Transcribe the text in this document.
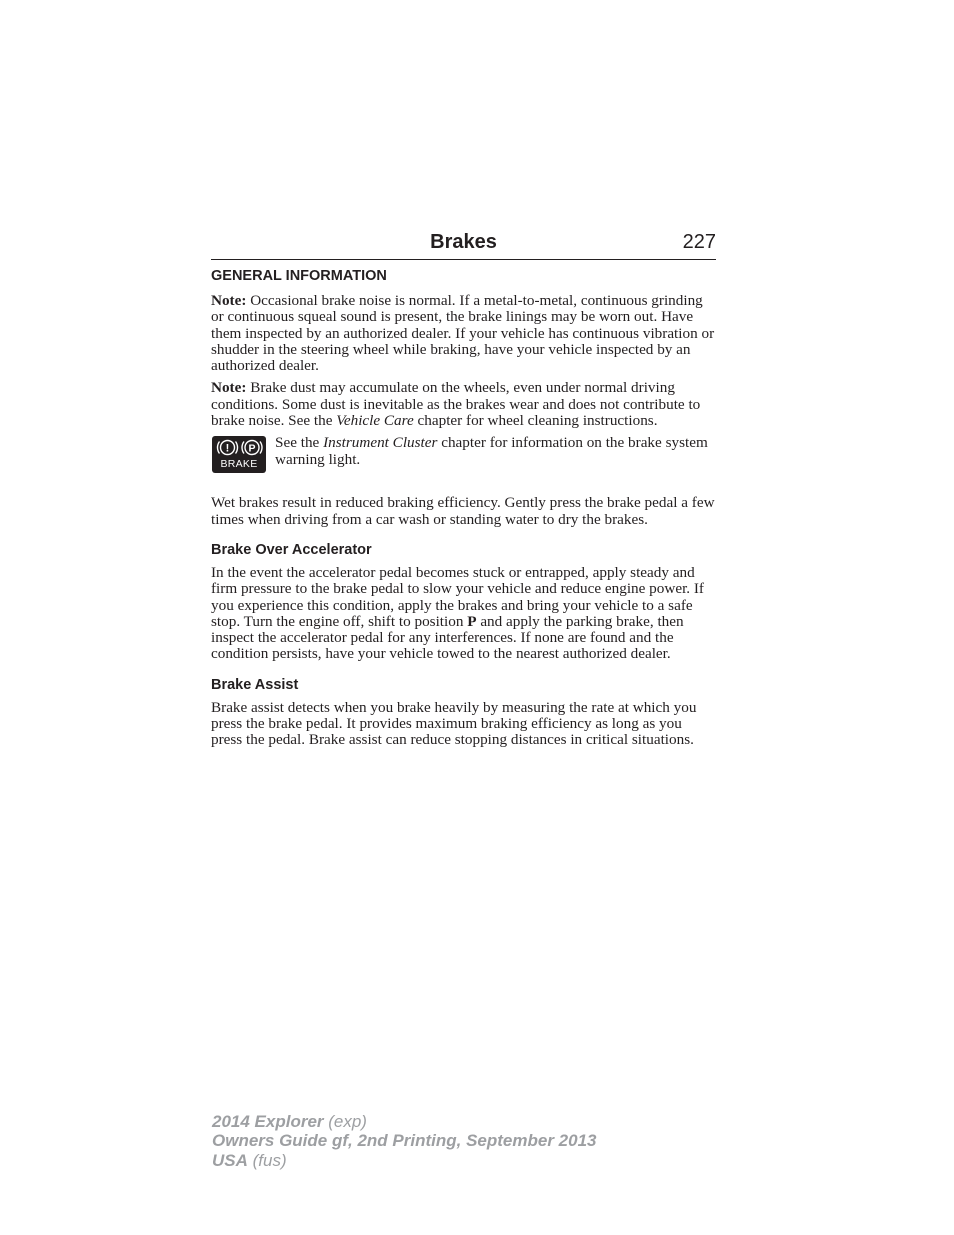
Brakes	227
GENERAL INFORMATION

Note: Occasional brake noise is normal. If a metal-to-metal, continuous grinding or continuous squeal sound is present, the brake linings may be worn out. Have them inspected by an authorized dealer. If your vehicle has continuous vibration or shudder in the steering wheel while braking, have your vehicle inspected by an authorized dealer.

Note: Brake dust may accumulate on the wheels, even under normal driving conditions. Some dust is inevitable as the brakes wear and does not contribute to brake noise. See the Vehicle Care chapter for wheel cleaning instructions.

! P
BRAKE
See the Instrument Cluster chapter for information on the brake system warning light.

Wet brakes result in reduced braking efficiency. Gently press the brake pedal a few times when driving from a car wash or standing water to dry the brakes.

Brake Over Accelerator

In the event the accelerator pedal becomes stuck or entrapped, apply steady and firm pressure to the brake pedal to slow your vehicle and reduce engine power. If you experience this condition, apply the brakes and bring your vehicle to a safe stop. Turn the engine off, shift to position P and apply the parking brake, then inspect the accelerator pedal for any interferences. If none are found and the condition persists, have your vehicle towed to the nearest authorized dealer.

Brake Assist

Brake assist detects when you brake heavily by measuring the rate at which you press the brake pedal. It provides maximum braking efficiency as long as you press the pedal. Brake assist can reduce stopping distances in critical situations.

2014 Explorer (exp)
Owners Guide gf, 2nd Printing, September 2013
USA (fus)
